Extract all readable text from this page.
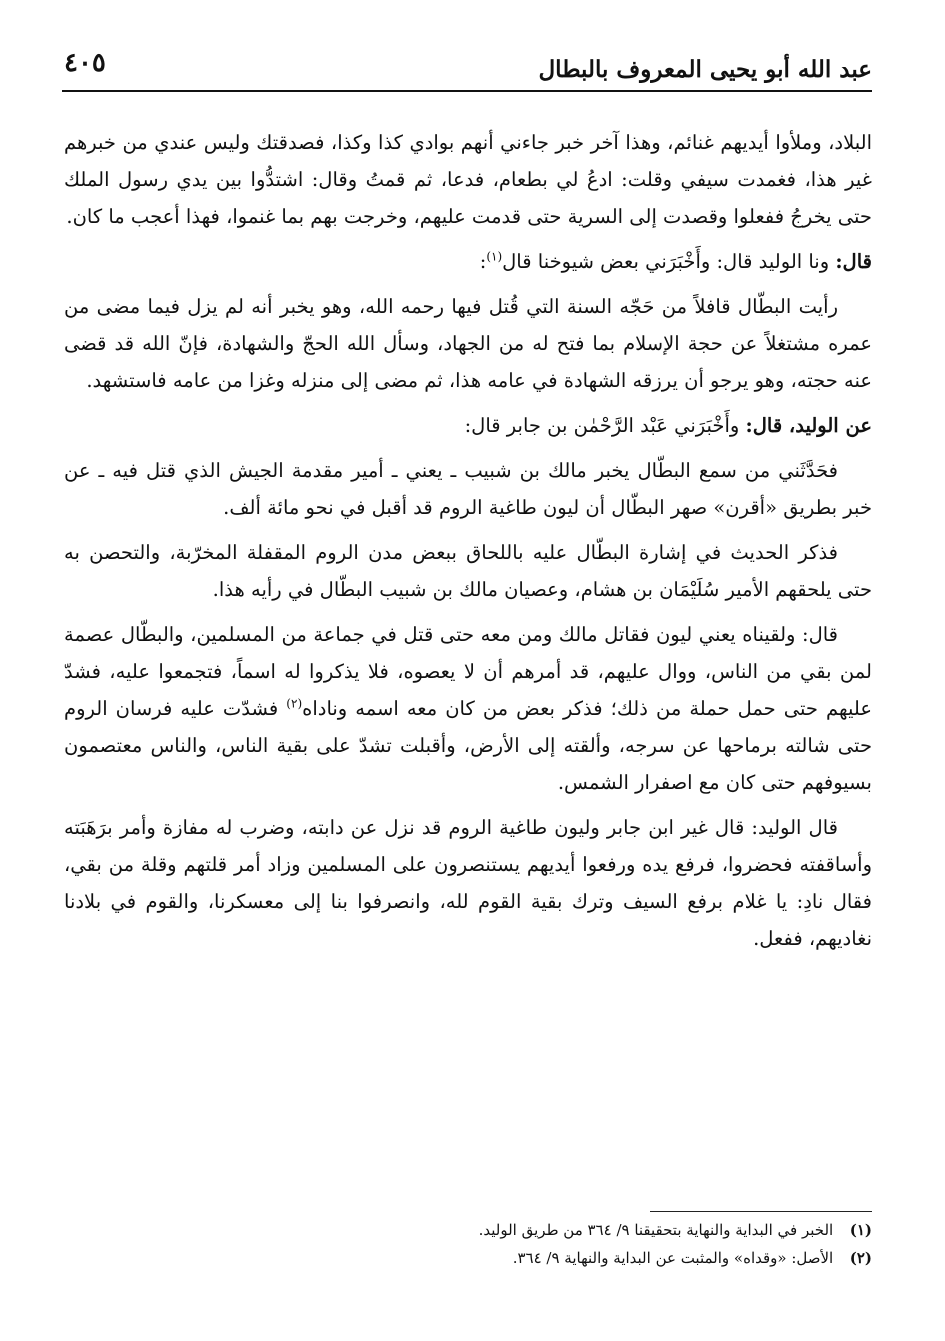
عبد الله أبو يحيى المعروف بالبطال
٤٠٥

البلاد، وملأوا أيديهم غنائم، وهذا آخر خبر جاءني أنهم بوادي كذا وكذا، فصدقتك وليس عندي من خبرهم غير هذا، فغمدت سيفي وقلت: ادعُ لي بطعام، فدعا، ثم قمتُ وقال: اشتدُّوا بين يدي رسول الملك حتى يخرجُ ففعلوا وقصدت إلى السرية حتى قدمت عليهم، وخرجت بهم بما غنموا، فهذا أعجب ما كان.

قال: ونا الوليد قال: وأَخْبَرَني بعض شيوخنا قال$^{(١)}$:

رأيت البطّال قافلاً من حَجّه السنة التي قُتل فيها رحمه الله، وهو يخبر أنه لم يزل فيما مضى من عمره مشتغلاً عن حجة الإسلام بما فتح له من الجهاد، وسأل الله الحجّ والشهادة، فإنّ الله قد قضى عنه حجته، وهو يرجو أن يرزقه الشهادة في عامه هذا، ثم مضى إلى منزله وغزا من عامه فاستشهد.

عن الوليد، قال: وأَخْبَرَني عَبْد الرَّحْمٰن بن جابر قال:

فحَدَّثَني من سمع البطّال يخبر مالك بن شبيب ـ يعني ـ أمير مقدمة الجيش الذي قتل فيه ـ عن خبر بطريق «أقرن» صهر البطّال أن ليون طاغية الروم قد أقبل في نحو مائة ألف.

فذكر الحديث في إشارة البطّال عليه باللحاق ببعض مدن الروم المقفلة المخرّبة، والتحصن به حتى يلحقهم الأمير سُلَيْمَان بن هشام، وعصيان مالك بن شبيب البطّال في رأيه هذا.

قال: ولقيناه يعني ليون فقاتل مالك ومن معه حتى قتل في جماعة من المسلمين، والبطّال عصمة لمن بقي من الناس، ووال عليهم، قد أمرهم أن لا يعصوه، فلا يذكروا له اسماً، فتجمعوا عليه، فشدّ عليهم حتى حمل حملة من ذلك؛ فذكر بعض من كان معه اسمه وناداه$^{(٢)}$ فشدّت عليه فرسان الروم حتى شالته برماحها عن سرجه، وألقته إلى الأرض، وأقبلت تشدّ على بقية الناس، والناس معتصمون بسيوفهم حتى كان مع اصفرار الشمس.

قال الوليد: قال غير ابن جابر وليون طاغية الروم قد نزل عن دابته، وضرب له مفازة وأمر برَهَبَته وأساقفته فحضروا، فرفع يده ورفعوا أيديهم يستنصرون على المسلمين وزاد أمر قلتهم وقلة من بقي، فقال نادِ: يا غلام برفع السيف وترك بقية القوم لله، وانصرفوا بنا إلى معسكرنا، والقوم في بلادنا نغاديهم، ففعل.

(١) الخبر في البداية والنهاية بتحقيقنا ٩/ ٣٦٤ من طريق الوليد.
(٢) الأصل: «وقداه» والمثبت عن البداية والنهاية ٩/ ٣٦٤.
